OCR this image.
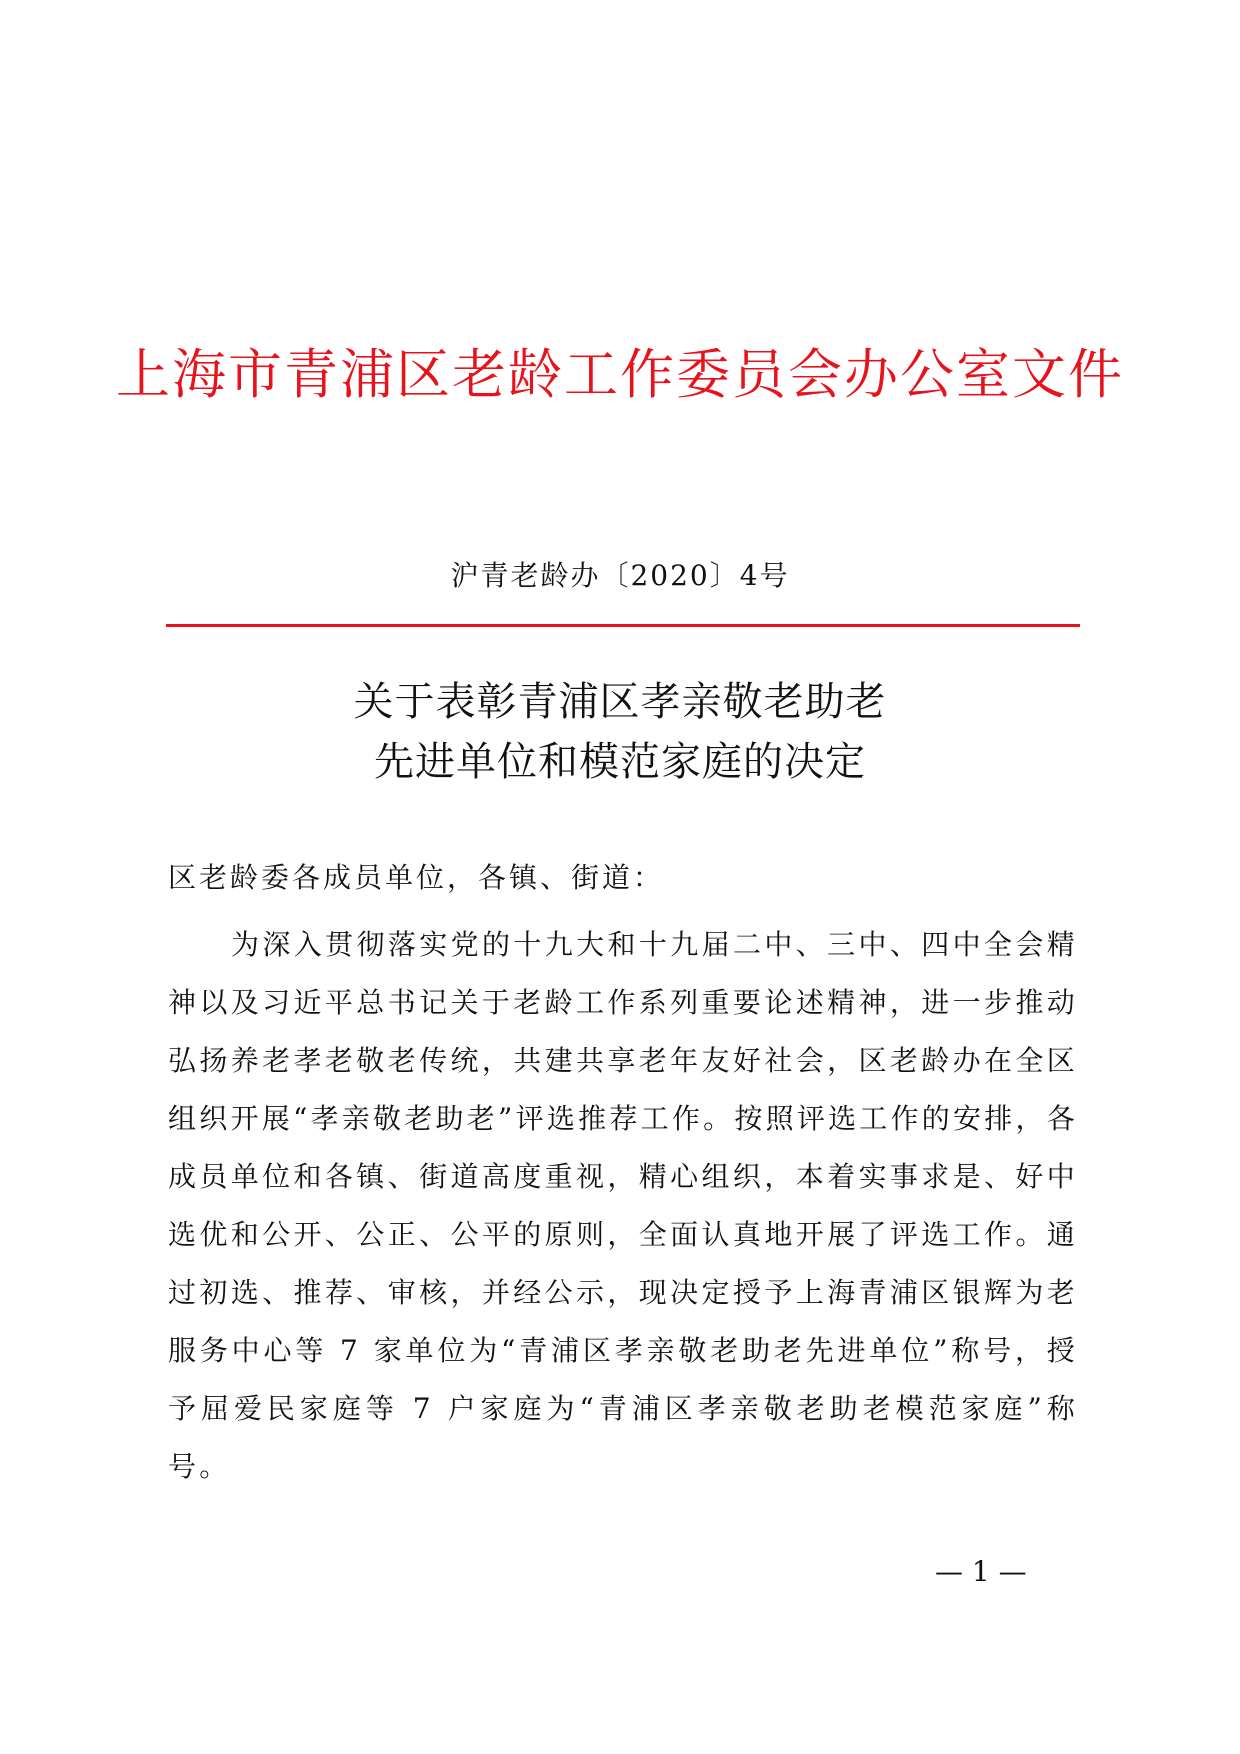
上海市青浦区老龄工作委员会办公室文件
沪青老龄办〔2020〕4号
关于表彰青浦区孝亲敬老助老
先进单位和模范家庭的决定
区老龄委各成员单位，各镇、街道：

为深入贯彻落实党的十九大和十九届二中、三中、四中全会精神以及习近平总书记关于老龄工作系列重要论述精神，进一步推动弘扬养老孝老敬老传统，共建共享老年友好社会，区老龄办在全区组织开展“孝亲敬老助老”评选推荐工作。按照评选工作的安排，各成员单位和各镇、街道高度重视，精心组织，本着实事求是、好中选优和公开、公正、公平的原则，全面认真地开展了评选工作。通过初选、推荐、审核，并经公示，现决定授予上海青浦区银辉为老服务中心等 7 家单位为“青浦区孝亲敬老助老先进单位”称号，授予屈爱民家庭等 7 户家庭为“青浦区孝亲敬老助老模范家庭”称号。

— 1 —
